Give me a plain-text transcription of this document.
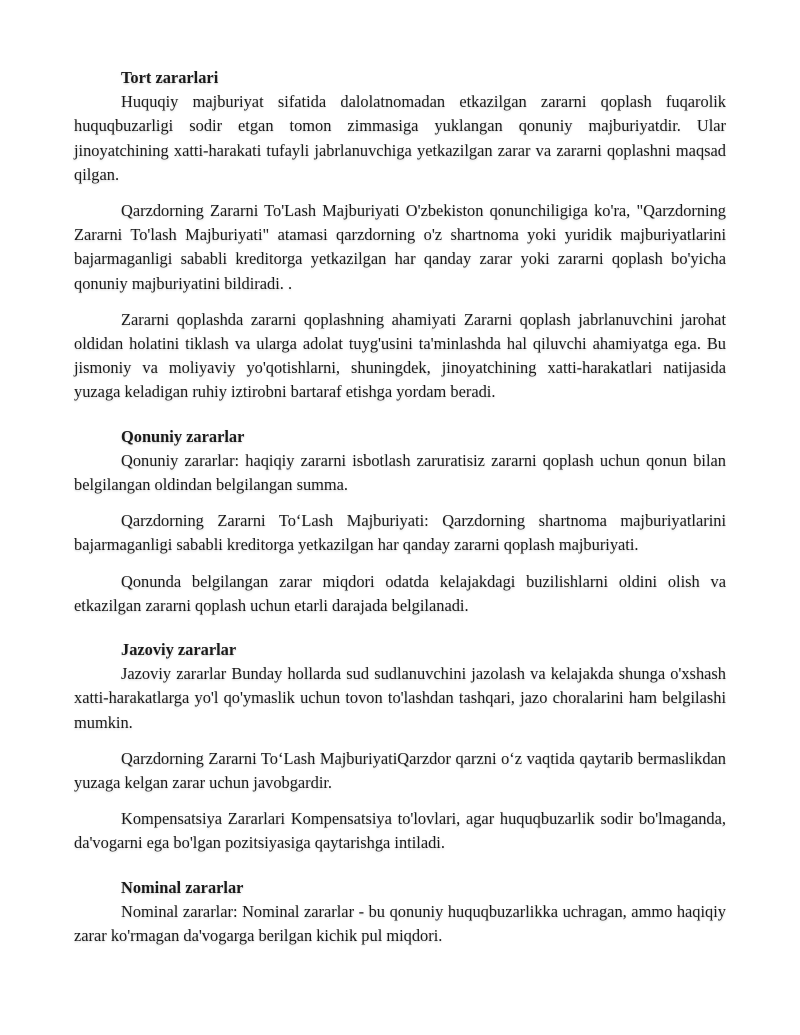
Tort zararlari

Huquqiy majburiyat sifatida dalolatnomadan etkazilgan zararni qoplash fuqarolik huquqbuzarligi sodir etgan tomon zimmasiga yuklangan qonuniy majburiyatdir. Ular jinoyatchining xatti-harakati tufayli jabrlanuvchiga yetkazilgan zarar va zararni qoplashni maqsad qilgan.

Qarzdorning Zararni To'Lash Majburiyati O'zbekiston qonunchiligiga ko'ra, "Qarzdorning Zararni To'lash Majburiyati" atamasi qarzdorning o'z shartnoma yoki yuridik majburiyatlarini bajarmaganligi sababli kreditorga yetkazilgan har qanday zarar yoki zararni qoplash bo'yicha qonuniy majburiyatini bildiradi. .

Zararni qoplashda zararni qoplashning ahamiyati Zararni qoplash jabrlanuvchini jarohat oldidan holatini tiklash va ularga adolat tuyg'usini ta'minlashda hal qiluvchi ahamiyatga ega. Bu jismoniy va moliyaviy yo'qotishlarni, shuningdek, jinoyatchining xatti-harakatlari natijasida yuzaga keladigan ruhiy iztirobni bartaraf etishga yordam beradi.

Qonuniy zararlar

Qonuniy zararlar: haqiqiy zararni isbotlash zaruratisiz zararni qoplash uchun qonun bilan belgilangan oldindan belgilangan summa.

Qarzdorning Zararni To‘Lash Majburiyati: Qarzdorning shartnoma majburiyatlarini bajarmaganligi sababli kreditorga yetkazilgan har qanday zararni qoplash majburiyati.

Qonunda belgilangan zarar miqdori odatda kelajakdagi buzilishlarni oldini olish va etkazilgan zararni qoplash uchun etarli darajada belgilanadi.

Jazoviy zararlar

Jazoviy zararlar Bunday hollarda sud sudlanuvchini jazolash va kelajakda shunga o'xshash xatti-harakatlarga yo'l qo'ymaslik uchun tovon to'lashdan tashqari, jazo choralarini ham belgilashi mumkin.

Qarzdorning Zararni To‘Lash MajburiyatiQarzdor qarzni o‘z vaqtida qaytarib bermaslikdan yuzaga kelgan zarar uchun javobgardir.

Kompensatsiya Zararlari Kompensatsiya to'lovlari, agar huquqbuzarlik sodir bo'lmaganda, da'vogarni ega bo'lgan pozitsiyasiga qaytarishga intiladi.

Nominal zararlar

Nominal zararlar: Nominal zararlar - bu qonuniy huquqbuzarlikka uchragan, ammo haqiqiy zarar ko'rmagan da'vogarga berilgan kichik pul miqdori.
